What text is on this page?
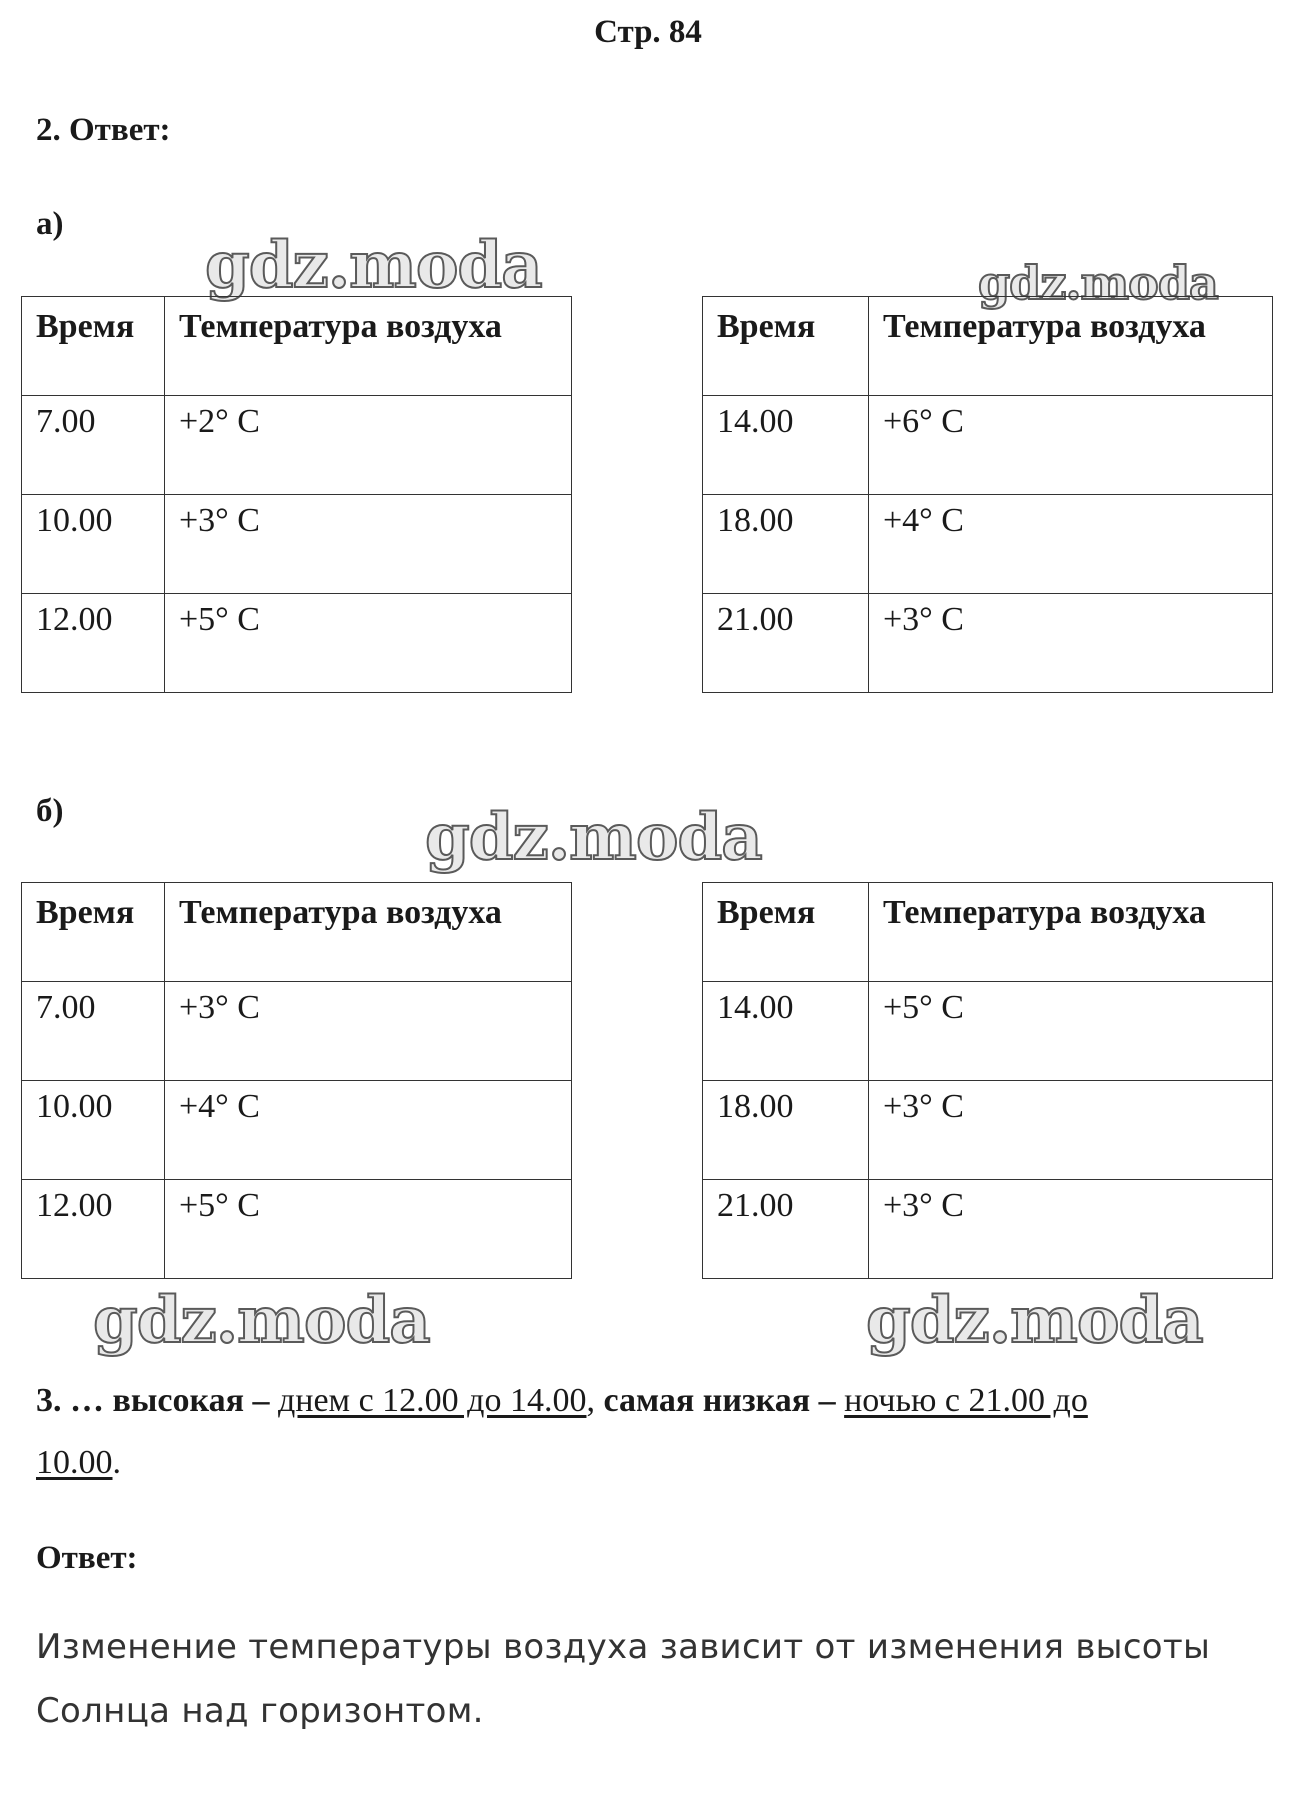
Стр. 84
2. Ответ:
а)
gdz.moda	gdz.moda
gdz.moda
gdz.moda	gdz.moda
Время	Температура воздуха
7.00	+2° C
10.00	+3° C
12.00	+5° C
Время	Температура воздуха
14.00	+6° C
18.00	+4° C
21.00	+3° C
б)
Время	Температура воздуха
7.00	+3° C
10.00	+4° C
12.00	+5° C
Время	Температура воздуха
14.00	+5° C
18.00	+3° C
21.00	+3° C
3. … высокая – днем с 12.00 до 14.00, самая низкая – ночью с 21.00 до
10.00.
Ответ:
Изменение температуры воздуха зависит от изменения высоты Солнца над горизонтом.
